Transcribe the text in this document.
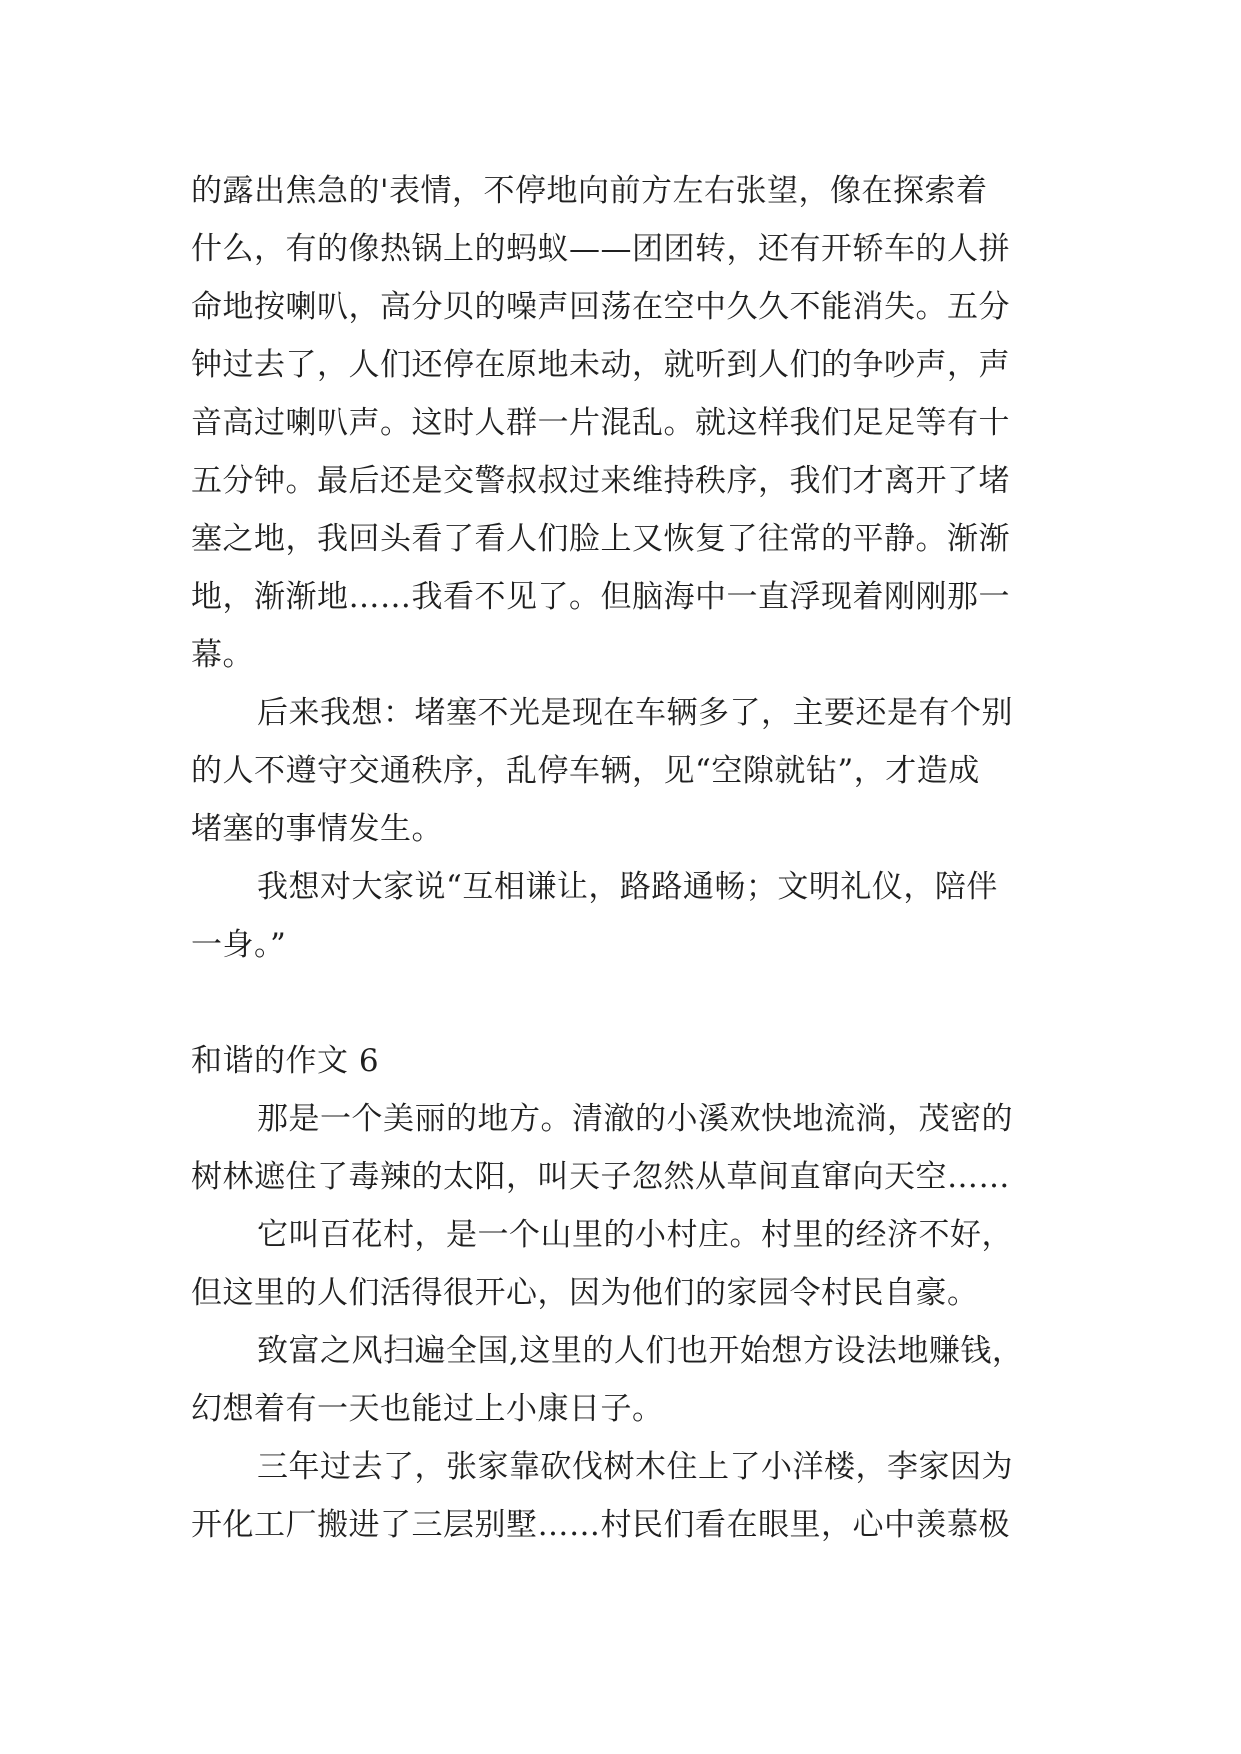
的露出焦急的'表情，不停地向前方左右张望，像在探索着
什么，有的像热锅上的蚂蚁——团团转，还有开轿车的人拼
命地按喇叭，高分贝的噪声回荡在空中久久不能消失。五分
钟过去了，人们还停在原地未动，就听到人们的争吵声，声
音高过喇叭声。这时人群一片混乱。就这样我们足足等有十
五分钟。最后还是交警叔叔过来维持秩序，我们才离开了堵
塞之地，我回头看了看人们脸上又恢复了往常的平静。渐渐
地，渐渐地……我看不见了。但脑海中一直浮现着刚刚那一
幕。
后来我想：堵塞不光是现在车辆多了，主要还是有个别
的人不遵守交通秩序，乱停车辆，见“空隙就钻”，才造成
堵塞的事情发生。
我想对大家说“互相谦让，路路通畅；文明礼仪，陪伴
一身。”
和谐的作文 6
那是一个美丽的地方。清澈的小溪欢快地流淌，茂密的
树林遮住了毒辣的太阳，叫天子忽然从草间直窜向天空……
它叫百花村，是一个山里的小村庄。村里的经济不好，
但这里的人们活得很开心，因为他们的家园令村民自豪。
致富之风扫遍全国,这里的人们也开始想方设法地赚钱，
幻想着有一天也能过上小康日子。
三年过去了，张家靠砍伐树木住上了小洋楼，李家因为
开化工厂搬进了三层别墅……村民们看在眼里，心中羡慕极
